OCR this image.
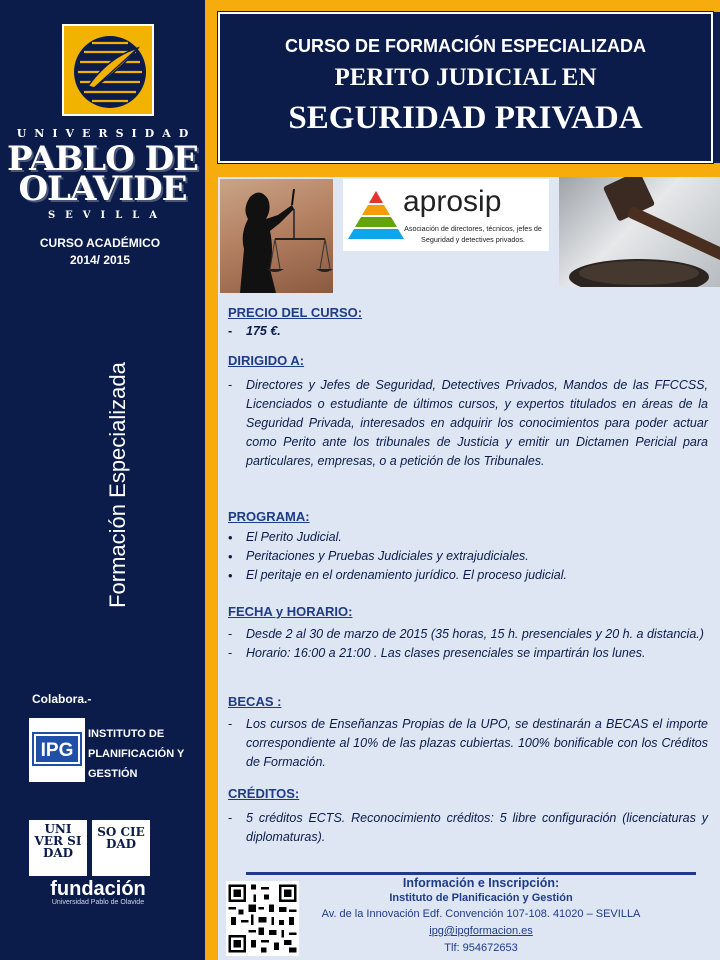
UNIVERSIDAD
PABLO DE
OLAVIDE
SEVILLA
CURSO ACADÉMICO
2014/ 2015
Formación Especializada
Colabora.-
IPG
INSTITUTO DE
PLANIFICACIÓN Y
GESTIÓN
UNI VER SI DAD
SO CIE DAD
fundación
Universidad Pablo de Olavide
CURSO DE FORMACIÓN ESPECIALIZADA
PERITO JUDICIAL EN
SEGURIDAD PRIVADA
aprosip
Asociación de directores, técnicos, jefes de Seguridad y detectives privados.
PRECIO DEL CURSO:
- 175 €.
DIRIGIDO A:
- Directores y Jefes de Seguridad, Detectives Privados, Mandos de las FFCCSS, Licenciados o estudiante de últimos cursos, y expertos titulados en áreas de la Seguridad Privada, interesados en adquirir los conocimientos para poder actuar como Perito ante los tribunales de Justicia y emitir un Dictamen Pericial para particulares, empresas, o a petición de los Tribunales.
PROGRAMA:
• El Perito Judicial.
• Peritaciones y Pruebas Judiciales y extrajudiciales.
• El peritaje en el ordenamiento jurídico. El proceso judicial.
FECHA y HORARIO:
- Desde 2 al 30 de marzo de 2015 (35 horas, 15 h. presenciales y 20 h. a distancia.)
- Horario: 16:00 a 21:00 . Las clases presenciales se impartirán los lunes.
BECAS :
- Los cursos de Enseñanzas Propias de la UPO, se destinarán a BECAS el importe correspondiente al 10% de las plazas cubiertas. 100% bonificable con los Créditos de Formación.
CRÉDITOS:
- 5 créditos ECTS. Reconocimiento créditos: 5 libre configuración (licenciaturas y diplomaturas).
Información e Inscripción:
Instituto de Planificación y Gestión
Av. de la Innovación Edf. Convención 107-108. 41020 – SEVILLA
ipg@ipgformacion.es
Tlf: 954672653
